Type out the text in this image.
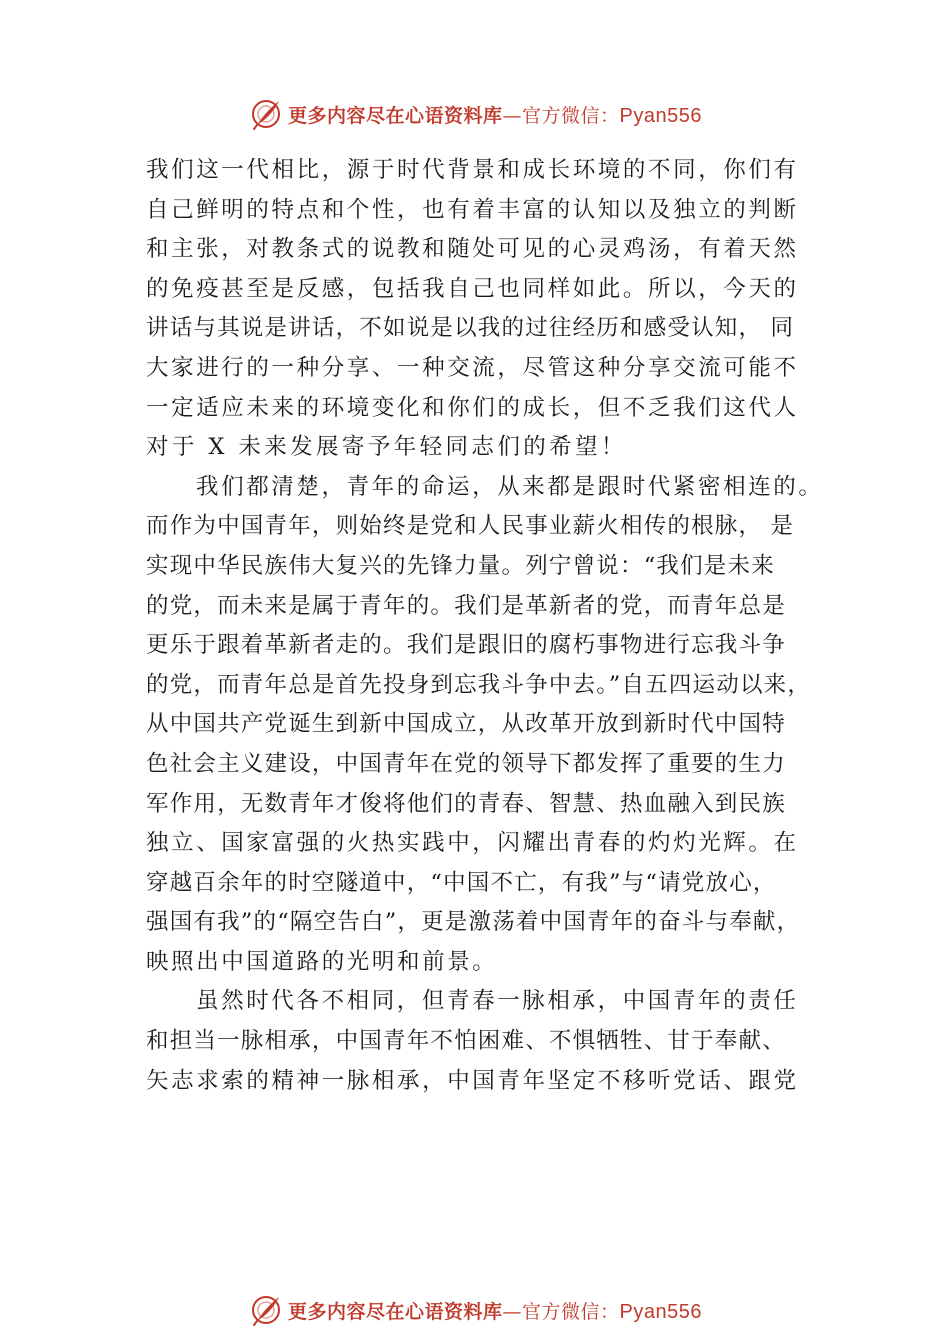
更多内容尽在心语资料库—官方微信：Pyan556
我们这一代相比，源于时代背景和成长环境的不同，你们有
自己鲜明的特点和个性，也有着丰富的认知以及独立的判断
和主张，对教条式的说教和随处可见的心灵鸡汤，有着天然
的免疫甚至是反感，包括我自己也同样如此。所以，今天的
讲话与其说是讲话，不如说是以我的过往经历和感受认知， 同
大家进行的一种分享、一种交流，尽管这种分享交流可能不
一定适应未来的环境变化和你们的成长，但不乏我们这代人
对于 X 未来发展寄予年轻同志们的希望！
我们都清楚，青年的命运，从来都是跟时代紧密相连的。
而作为中国青年，则始终是党和人民事业薪火相传的根脉， 是
实现中华民族伟大复兴的先锋力量。列宁曾说：“我们是未来
的党，而未来是属于青年的。我们是革新者的党，而青年总是
更乐于跟着革新者走的。我们是跟旧的腐朽事物进行忘我斗争
的党，而青年总是首先投身到忘我斗争中去。”自五四运动以来，
从中国共产党诞生到新中国成立，从改革开放到新时代中国特
色社会主义建设，中国青年在党的领导下都发挥了重要的生力
军作用，无数青年才俊将他们的青春、智慧、热血融入到民族
独立、国家富强的火热实践中，闪耀出青春的灼灼光辉。在
穿越百余年的时空隧道中，“中国不亡，有我”与“请党放心，
强国有我”的“隔空告白”，更是激荡着中国青年的奋斗与奉献，
映照出中国道路的光明和前景。
虽然时代各不相同，但青春一脉相承，中国青年的责任
和担当一脉相承，中国青年不怕困难、不惧牺牲、甘于奉献、
矢志求索的精神一脉相承，中国青年坚定不移听党话、跟党
更多内容尽在心语资料库—官方微信：Pyan556
